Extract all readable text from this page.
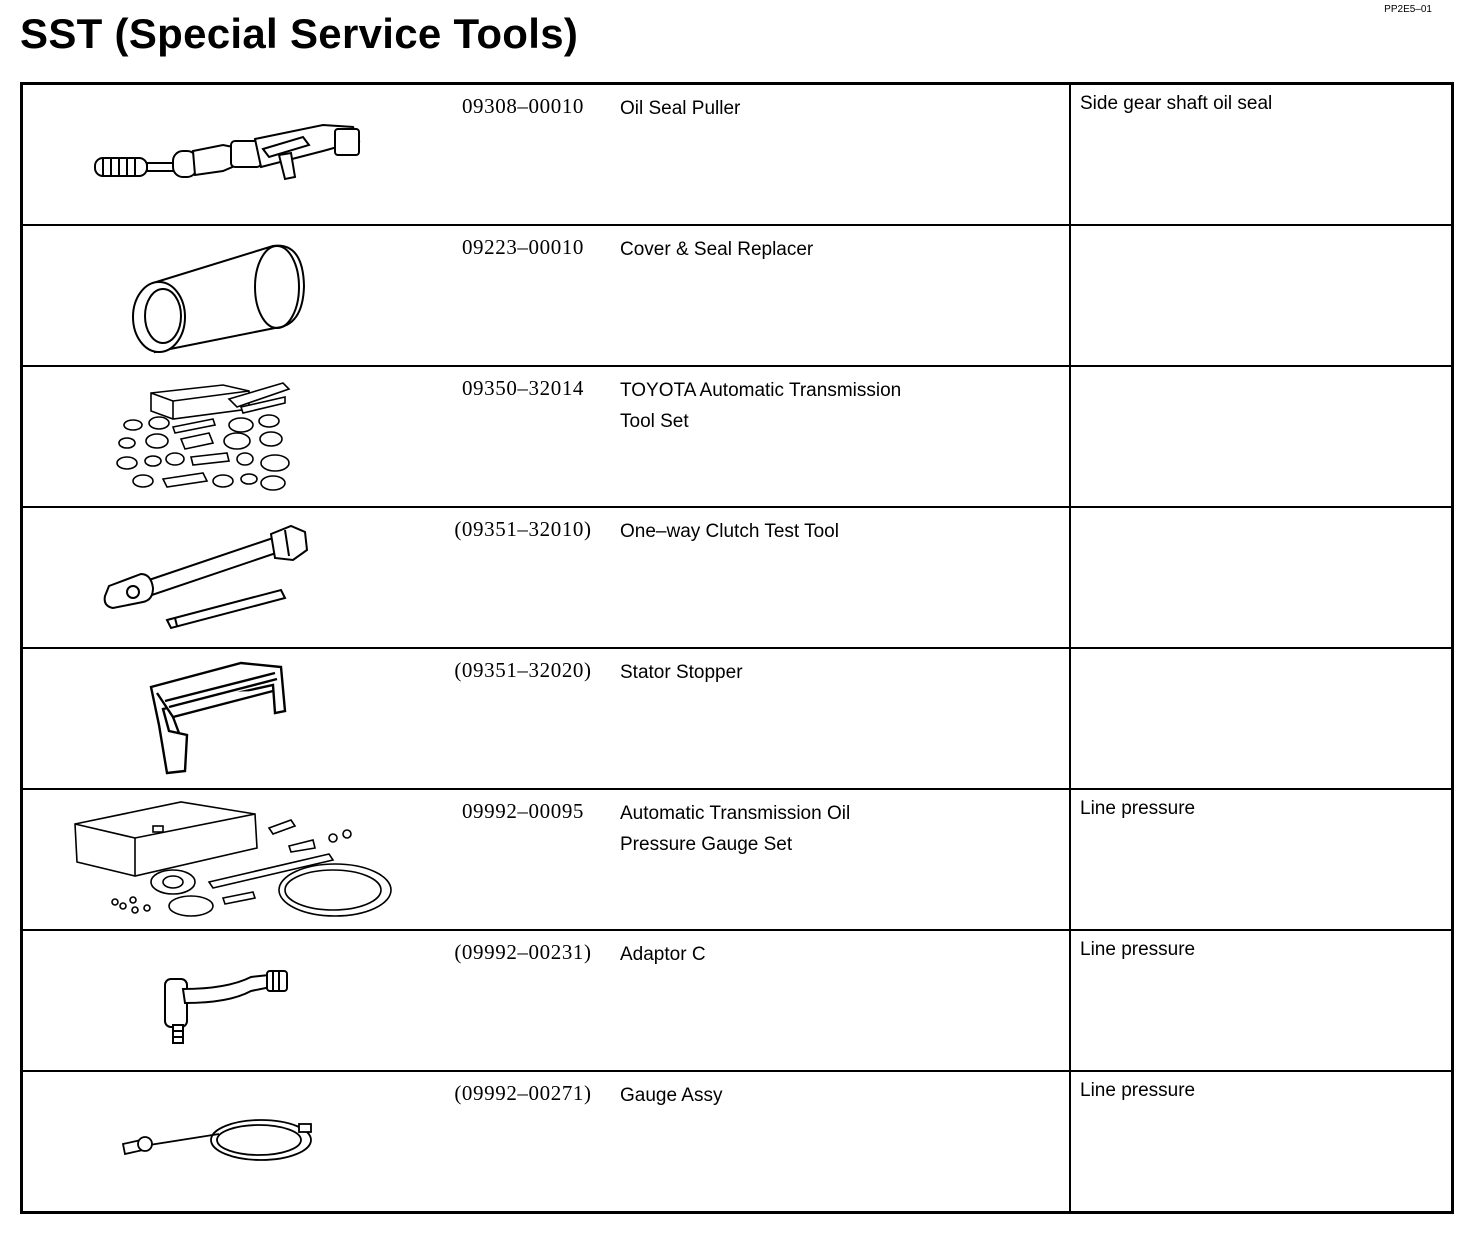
PP2E5–01
SST (Special Service Tools)

09308–00010	Oil Seal Puller	Side gear shaft oil seal

09223–00010	Cover & Seal Replacer	

09350–32014	TOYOTA Automatic Transmission
Tool Set	

(09351–32010)	One–way Clutch Test Tool	

(09351–32020)	Stator Stopper	

09992–00095	Automatic Transmission Oil
Pressure Gauge Set	Line pressure

(09992–00231)	Adaptor C	Line pressure

(09992–00271)	Gauge Assy	Line pressure
